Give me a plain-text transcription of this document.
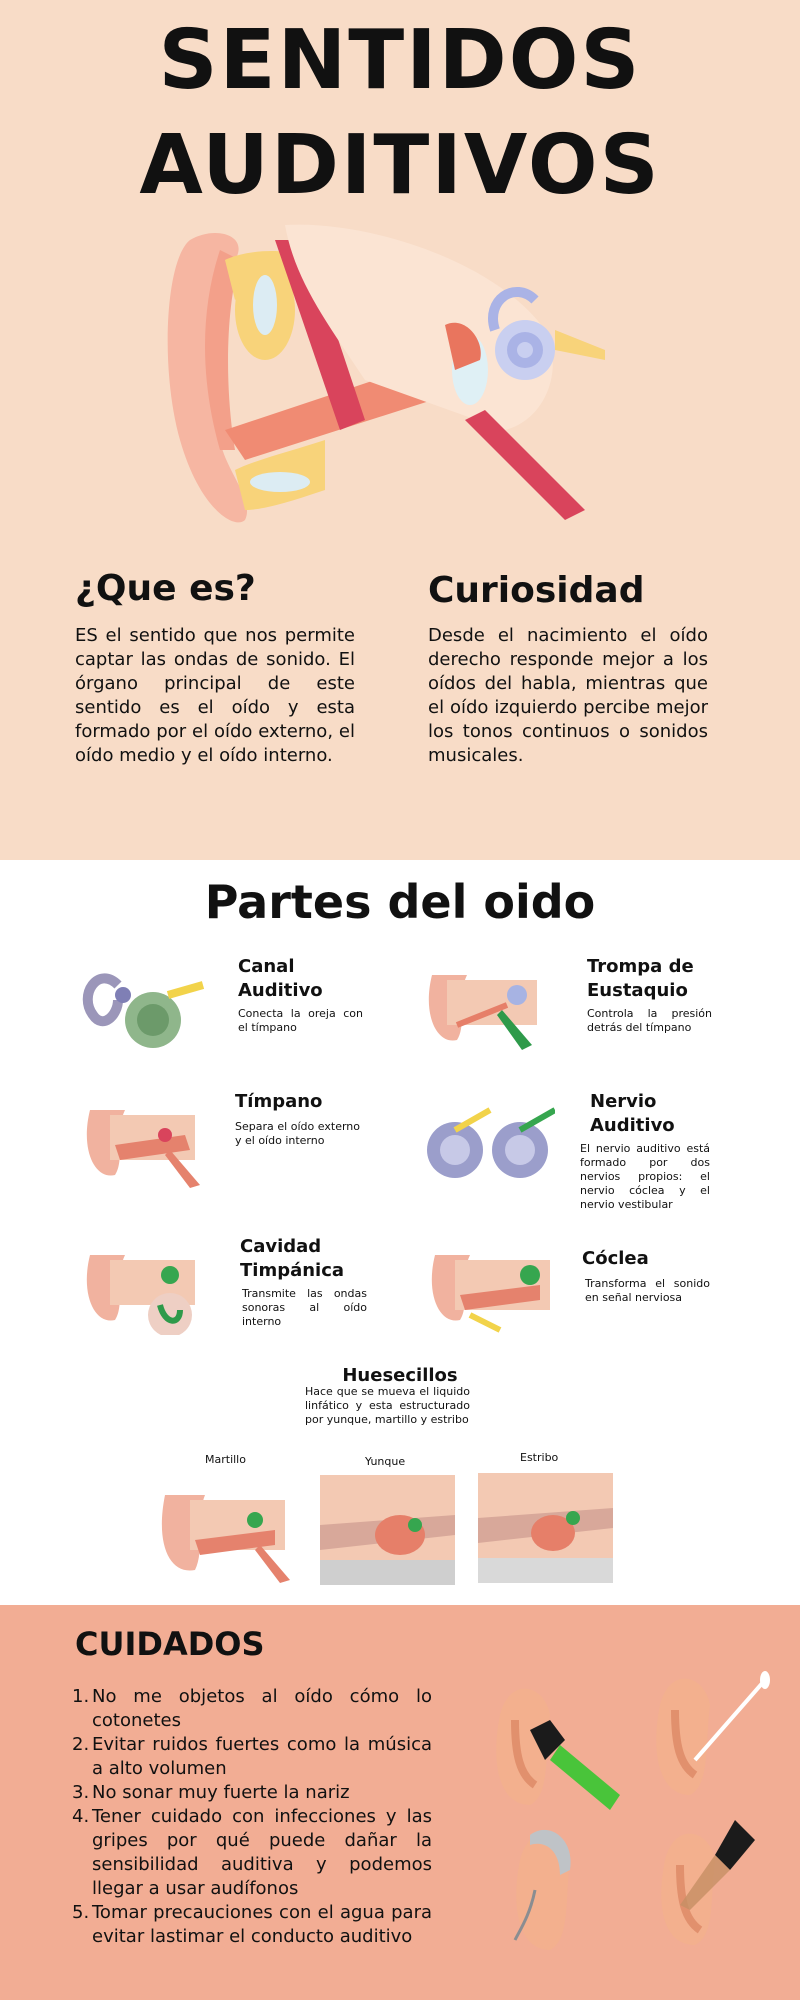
SENTIDOS
AUDITIVOS
¿Que es?
ES el sentido que nos permite captar las ondas de sonido. El órgano principal de este sentido es el oído y esta formado por el oído externo, el oído medio y el oído interno.
Curiosidad
Desde el nacimiento el oído derecho responde mejor a los oídos del habla, mientras que el oído izquierdo percibe mejor los tonos continuos o sonidos musicales.
Partes del oido
Canal Auditivo
Conecta la oreja con el tímpano
Trompa de Eustaquio
Controla la presión detrás del tímpano
Tímpano
Separa el oído externo y el oído interno
Nervio Auditivo
El nervio auditivo está formado por dos nervios propios: el nervio cóclea y el nervio vestibular
Cavidad Timpánica
Transmite las ondas sonoras al oído interno
Cóclea
Transforma el sonido en señal nerviosa
Huesecillos
Hace que se mueva el liquido linfático y esta estructurado por yunque, martillo y estribo
Martillo	Yunque	Estribo
CUIDADOS
1. No me objetos al oído cómo lo cotonetes
2. Evitar ruidos fuertes como la música a alto volumen
3. No sonar muy fuerte la nariz
4. Tener cuidado con infecciones y las gripes por qué puede dañar la sensibilidad auditiva y podemos llegar a usar audífonos
5. Tomar precauciones con el agua para evitar lastimar el conducto auditivo
